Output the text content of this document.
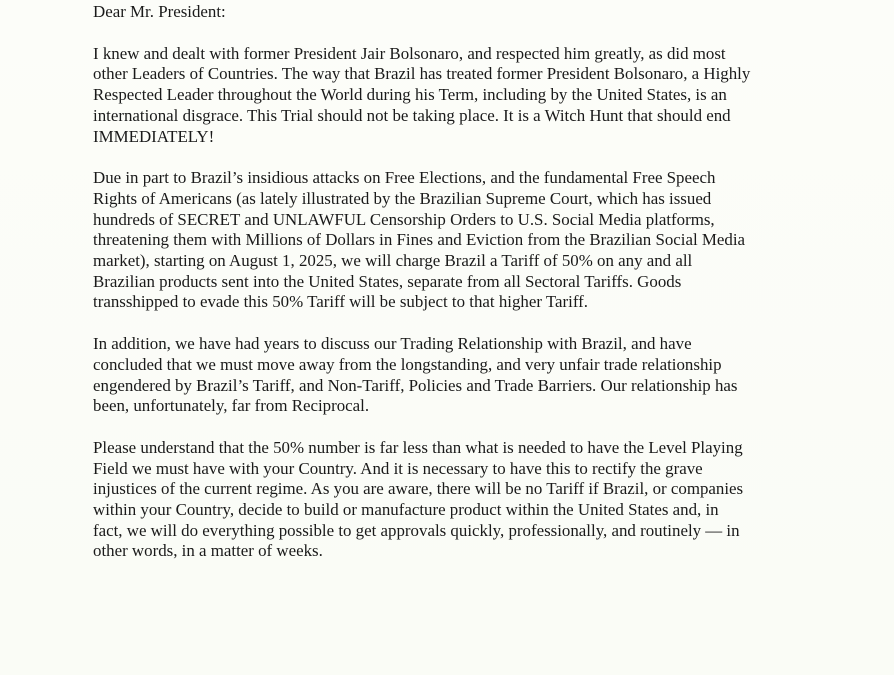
Dear Mr. President:
I knew and dealt with former President Jair Bolsonaro, and respected him greatly, as did most
other Leaders of Countries. The way that Brazil has treated former President Bolsonaro, a Highly
Respected Leader throughout the World during his Term, including by the United States, is an
international disgrace. This Trial should not be taking place. It is a Witch Hunt that should end
IMMEDIATELY!
Due in part to Brazil’s insidious attacks on Free Elections, and the fundamental Free Speech
Rights of Americans (as lately illustrated by the Brazilian Supreme Court, which has issued
hundreds of SECRET and UNLAWFUL Censorship Orders to U.S. Social Media platforms,
threatening them with Millions of Dollars in Fines and Eviction from the Brazilian Social Media
market), starting on August 1, 2025, we will charge Brazil a Tariff of 50% on any and all
Brazilian products sent into the United States, separate from all Sectoral Tariffs. Goods
transshipped to evade this 50% Tariff will be subject to that higher Tariff.
In addition, we have had years to discuss our Trading Relationship with Brazil, and have
concluded that we must move away from the longstanding, and very unfair trade relationship
engendered by Brazil’s Tariff, and Non-Tariff, Policies and Trade Barriers. Our relationship has
been, unfortunately, far from Reciprocal.
Please understand that the 50% number is far less than what is needed to have the Level Playing
Field we must have with your Country. And it is necessary to have this to rectify the grave
injustices of the current regime. As you are aware, there will be no Tariff if Brazil, or companies
within your Country, decide to build or manufacture product within the United States and, in
fact, we will do everything possible to get approvals quickly, professionally, and routinely — in
other words, in a matter of weeks.
